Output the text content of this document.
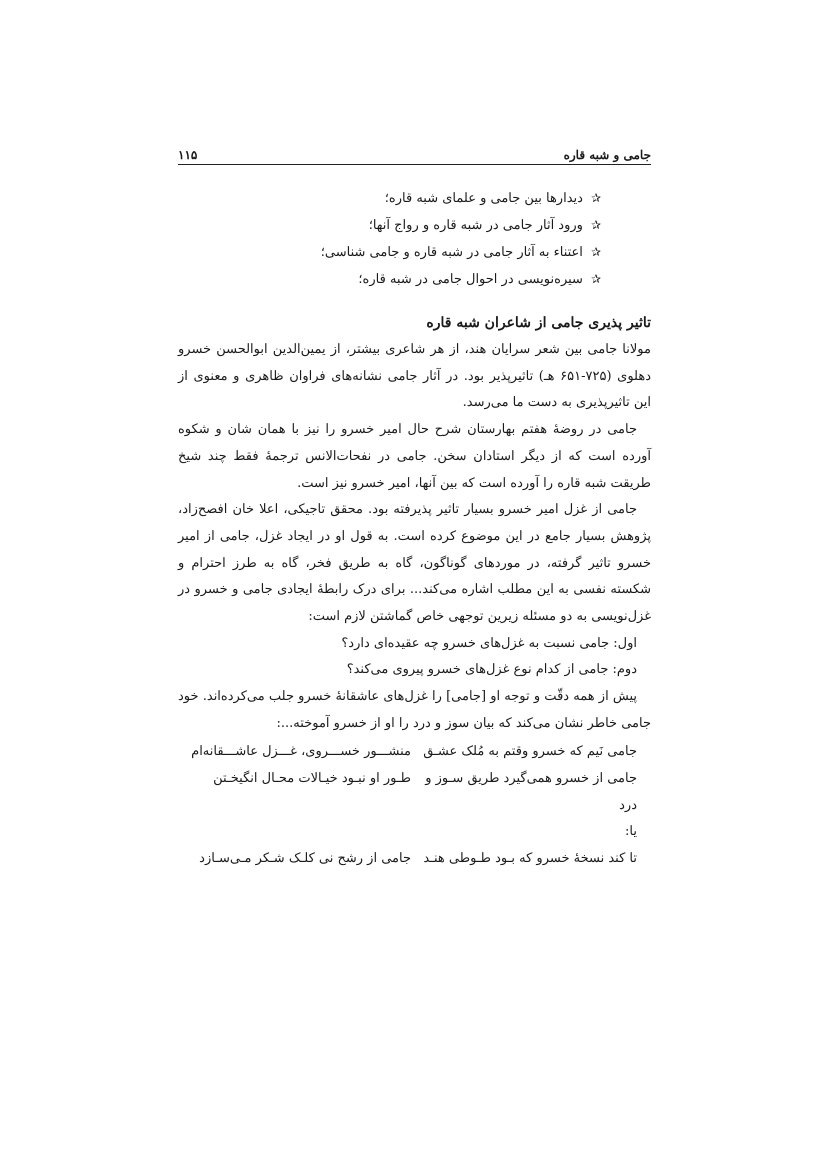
جامی و شبه قاره
۱۱۵
✰
دیدارها بین جامی و علمای شبه قاره؛
✰
ورود آثار جامی در شبه قاره و رواج آنها؛
✰
اعتناء به آثار جامی در شبه قاره و جامی شناسی؛
✰
سیره‌نویسی در احوال جامی در شبه قاره؛
تاثیر پذیری جامی از شاعران شبه قاره

مولانا جامی بین شعر سرایان هند، از هر شاعری بیشتر، از یمین‌الدین ابوالحسن خسرو دهلوی (۷۲۵-۶۵۱ هـ) تاثیرپذیر بود. در آثار جامی نشانه‌های فراوان ظاهری و معنوی از این تاثیرپذیری به دست ما می‌رسد.

جامی در روضهٔ هفتم بهارستان شرح حال امیر خسرو را نیز با همان شان و شکوه آورده است که از دیگر استادان سخن. جامی در نفحات‌الانس ترجمهٔ فقط چند شیخ طریقت شبه قاره را آورده است که بین آنها، امیر خسرو نیز است.

جامی از غزل امیر خسرو بسیار تاثیر پذیرفته بود. محقق تاجیکی، اعلا خان افصح‌زاد، پژوهش بسیار جامع در این موضوع کرده است. به قول او در ایجاد غزل، جامی از امیر خسرو تاثیر گرفته، در موردهای گوناگون، گاه به طریق فخر، گاه به طرز احترام و شکسته نفسی به این مطلب اشاره می‌کند... برای درک رابطهٔ ایجادی جامی و خسرو در غزل‌نویسی به دو مسئله زیرین توجهی خاص گماشتن لازم است:

اول: جامی نسبت به غزل‌های خسرو چه عقیده‌ای دارد؟
دوم: جامی از کدام نوع غزل‌های خسرو پیروی می‌کند؟

پیش از همه دقّت و توجه او [جامی] را غزل‌های عاشقانهٔ خسرو جلب می‌کرده‌اند. خود جامی خاطر نشان می‌کند که بیان سوز و درد را او از خسرو آموخته...:

جامی نَیم که خسرو وقتم به مُلک عشـق
منشـــور خســـروی، غـــزل عاشـــقانه‌ام
جامی از خسرو همی‌گیرد طریق سـوز و درد
طـور او نبـود خیـالات محـال انگیخـتن
یا:
تا کند نسخهٔ خسرو که بـود طـوطی هنـد
جامی از رشح نی کلـک شـکر مـی‌سـازد
